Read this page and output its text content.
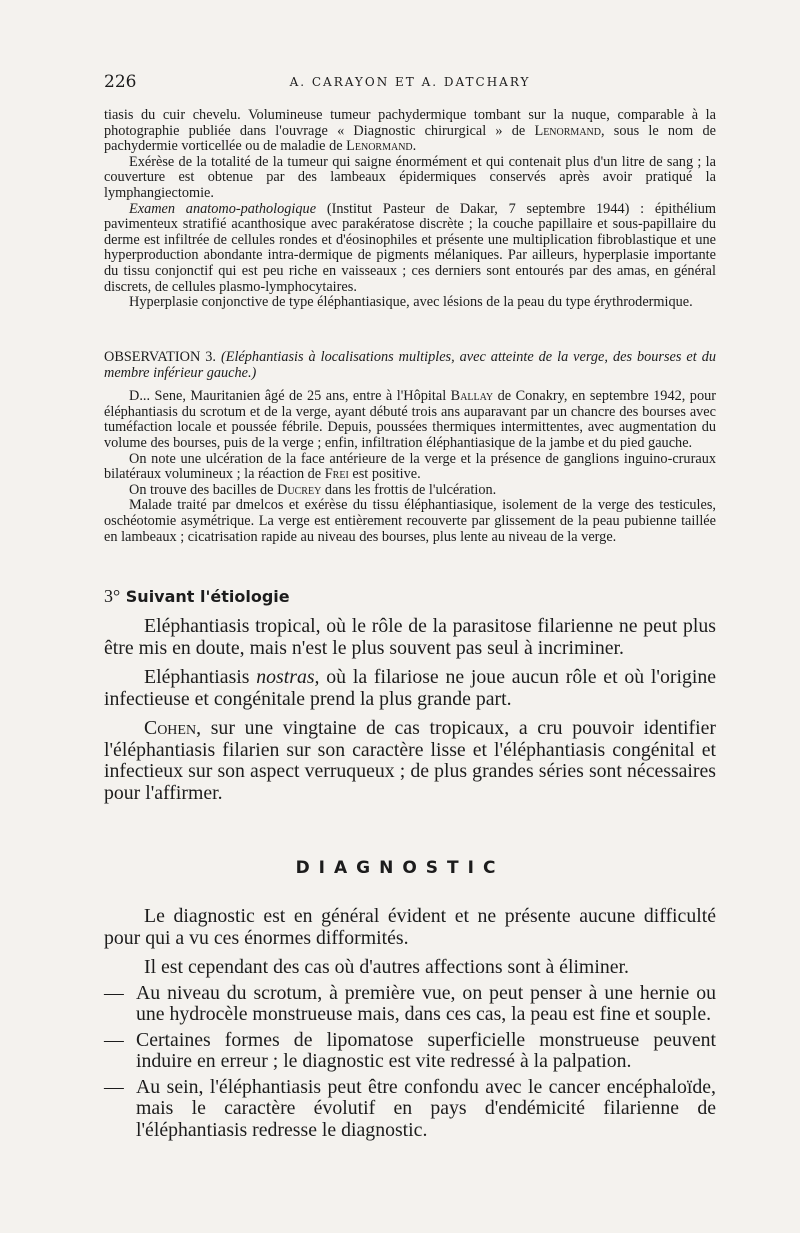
226	A. CARAYON ET A. DATCHARY

tiasis du cuir chevelu. Volumineuse tumeur pachydermique tombant sur la nuque, comparable à la photographie publiée dans l'ouvrage « Diagnostic chirurgical » de Lenormand, sous le nom de pachydermie vorticellée ou de maladie de Lenormand.

Exérèse de la totalité de la tumeur qui saigne énormément et qui contenait plus d'un litre de sang ; la couverture est obtenue par des lambeaux épidermiques conservés après avoir pratiqué la lymphangiectomie.

Examen anatomo-pathologique (Institut Pasteur de Dakar, 7 septembre 1944) : épithélium pavimenteux stratifié acanthosique avec parakératose discrète ; la couche papillaire et sous-papillaire du derme est infiltrée de cellules rondes et d'éosinophiles et présente une multiplication fibroblastique et une hyperproduction abondante intra-dermique de pigments mélaniques. Par ailleurs, hyperplasie importante du tissu conjonctif qui est peu riche en vaisseaux ; ces derniers sont entourés par des amas, en général discrets, de cellules plasmo-lymphocytaires.

Hyperplasie conjonctive de type éléphantiasique, avec lésions de la peau du type érythrodermique.

OBSERVATION 3. (Eléphantiasis à localisations multiples, avec atteinte de la verge, des bourses et du membre inférieur gauche.)

D... Sene, Mauritanien âgé de 25 ans, entre à l'Hôpital Ballay de Conakry, en septembre 1942, pour éléphantiasis du scrotum et de la verge, ayant débuté trois ans auparavant par un chancre des bourses avec tuméfaction locale et poussée fébrile. Depuis, poussées thermiques intermittentes, avec augmentation du volume des bourses, puis de la verge ; enfin, infiltration éléphantiasique de la jambe et du pied gauche.

On note une ulcération de la face antérieure de la verge et la présence de ganglions inguino-cruraux bilatéraux volumineux ; la réaction de Frei est positive.

On trouve des bacilles de Ducrey dans les frottis de l'ulcération.

Malade traité par dmelcos et exérèse du tissu éléphantiasique, isolement de la verge des testicules, oschéotomie asymétrique. La verge est entièrement recouverte par glissement de la peau pubienne taillée en lambeaux ; cicatrisation rapide au niveau des bourses, plus lente au niveau de la verge.

3° Suivant l'étiologie

Eléphantiasis tropical, où le rôle de la parasitose filarienne ne peut plus être mis en doute, mais n'est le plus souvent pas seul à incriminer.

Eléphantiasis nostras, où la filariose ne joue aucun rôle et où l'origine infectieuse et congénitale prend la plus grande part.

Cohen, sur une vingtaine de cas tropicaux, a cru pouvoir identifier l'éléphantiasis filarien sur son caractère lisse et l'éléphantiasis congénital et infectieux sur son aspect verruqueux ; de plus grandes séries sont nécessaires pour l'affirmer.

DIAGNOSTIC

Le diagnostic est en général évident et ne présente aucune difficulté pour qui a vu ces énormes difformités.

Il est cependant des cas où d'autres affections sont à éliminer.

— Au niveau du scrotum, à première vue, on peut penser à une hernie ou une hydrocèle monstrueuse mais, dans ces cas, la peau est fine et souple.

— Certaines formes de lipomatose superficielle monstrueuse peuvent induire en erreur ; le diagnostic est vite redressé à la palpation.

— Au sein, l'éléphantiasis peut être confondu avec le cancer encéphaloïde, mais le caractère évolutif en pays d'endémicité filarienne de l'éléphantiasis redresse le diagnostic.
